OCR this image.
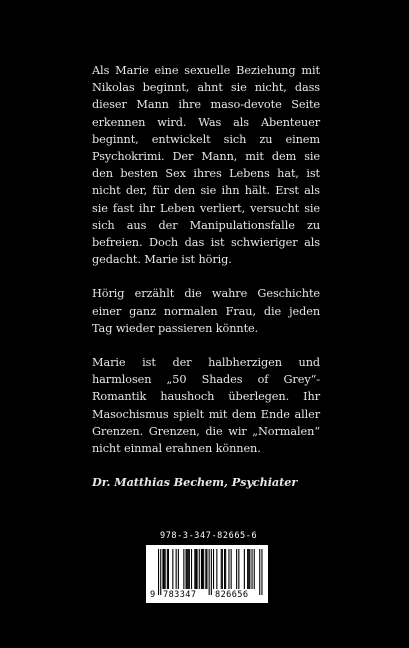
Als Marie eine sexuelle Beziehung mit Nikolas beginnt, ahnt sie nicht, dass dieser Mann ihre maso-devote Seite erkennen wird. Was als Abenteuer beginnt, entwickelt sich zu einem Psychokrimi. Der Mann, mit dem sie den besten Sex ihres Lebens hat, ist nicht der, für den sie ihn hält. Erst als sie fast ihr Leben verliert, versucht sie sich aus der Manipulationsfalle zu befreien. Doch das ist schwieriger als gedacht. Marie ist hörig.

Hörig erzählt die wahre Geschichte einer ganz normalen Frau, die jeden Tag wieder passieren könnte.

Marie ist der halbherzigen und harmlosen „50 Shades of Grey“-Romantik haushoch überlegen. Ihr Masochismus spielt mit dem Ende aller Grenzen. Grenzen, die wir „Normalen“ nicht einmal erahnen können.

Dr. Matthias Bechem, Psychiater

978-3-347-82665-6
9 783347 826656
